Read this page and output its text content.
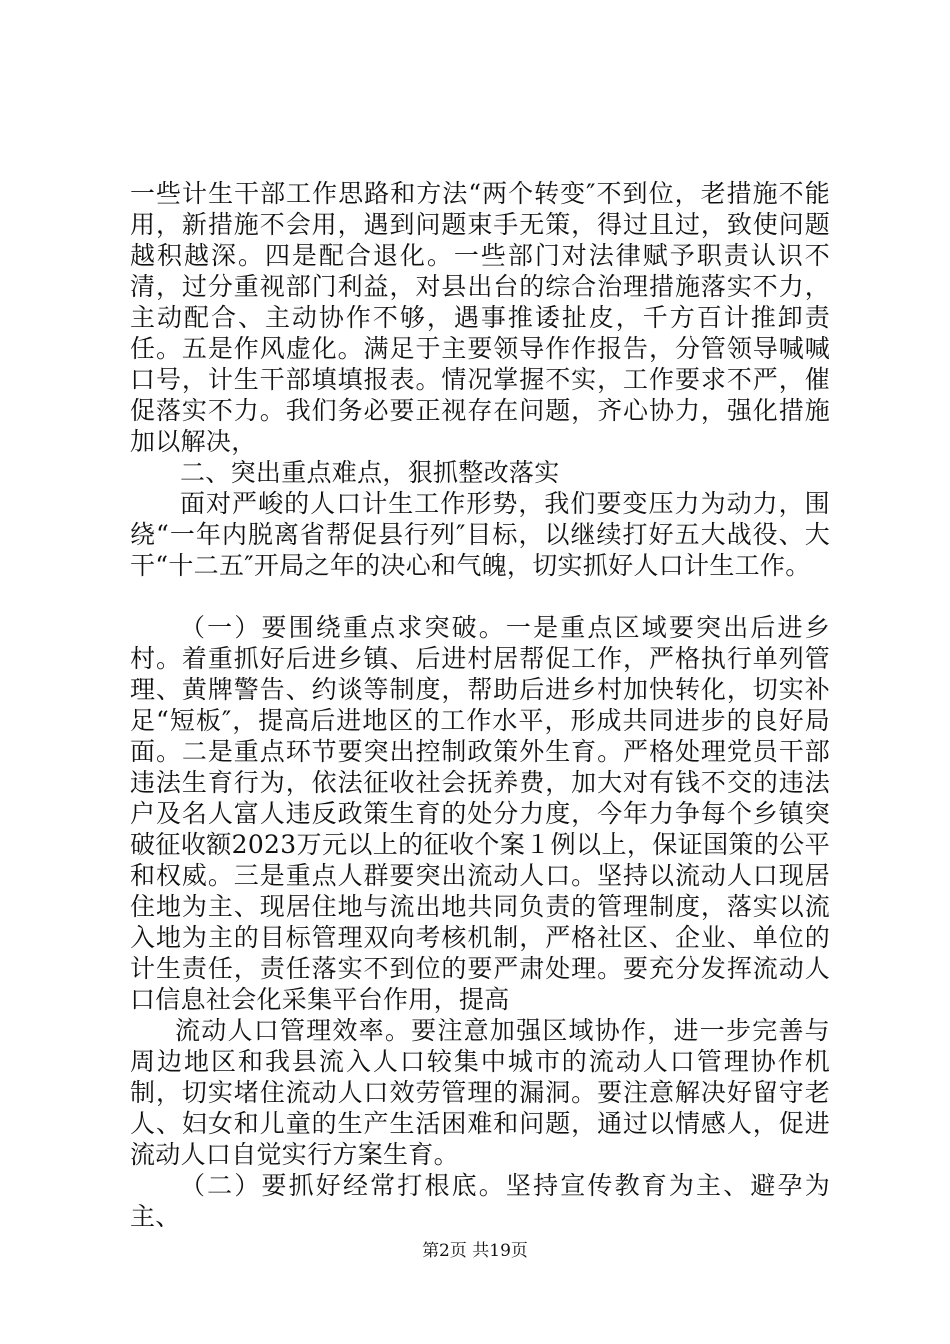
一些计生干部工作思路和方法“两个转变″不到位，老措施不能用，新措施不会用，遇到问题束手无策，得过且过，致使问题越积越深。四是配合退化。一些部门对法律赋予职责认识不清，过分重视部门利益，对县出台的综合治理措施落实不力，主动配合、主动协作不够，遇事推诿扯皮，千方百计推卸责任。五是作风虚化。满足于主要领导作作报告，分管领导喊喊口号，计生干部填填报表。情况掌握不实，工作要求不严，催促落实不力。我们务必要正视存在问题，齐心协力，强化措施加以解决，

二、突出重点难点，狠抓整改落实

面对严峻的人口计生工作形势，我们要变压力为动力，围绕“一年内脱离省帮促县行列″目标，以继续打好五大战役、大干“十二五″开局之年的决心和气魄，切实抓好人口计生工作。

（一）要围绕重点求突破。一是重点区域要突出后进乡村。着重抓好后进乡镇、后进村居帮促工作，严格执行单列管理、黄牌警告、约谈等制度，帮助后进乡村加快转化，切实补足“短板″，提高后进地区的工作水平，形成共同进步的良好局面。二是重点环节要突出控制政策外生育。严格处理党员干部违法生育行为，依法征收社会抚养费，加大对有钱不交的违法户及名人富人违反政策生育的处分力度，今年力争每个乡镇突破征收额2023万元以上的征收个案１例以上，保证国策的公平和权威。三是重点人群要突出流动人口。坚持以流动人口现居住地为主、现居住地与流出地共同负责的管理制度，落实以流入地为主的目标管理双向考核机制，严格社区、企业、单位的计生责任，责任落实不到位的要严肃处理。要充分发挥流动人口信息社会化采集平台作用，提高

流动人口管理效率。要注意加强区域协作，进一步完善与周边地区和我县流入人口较集中城市的流动人口管理协作机制，切实堵住流动人口效劳管理的漏洞。要注意解决好留守老人、妇女和儿童的生产生活困难和问题，通过以情感人，促进流动人口自觉实行方案生育。

（二）要抓好经常打根底。坚持宣传教育为主、避孕为主、

第2页 共19页
